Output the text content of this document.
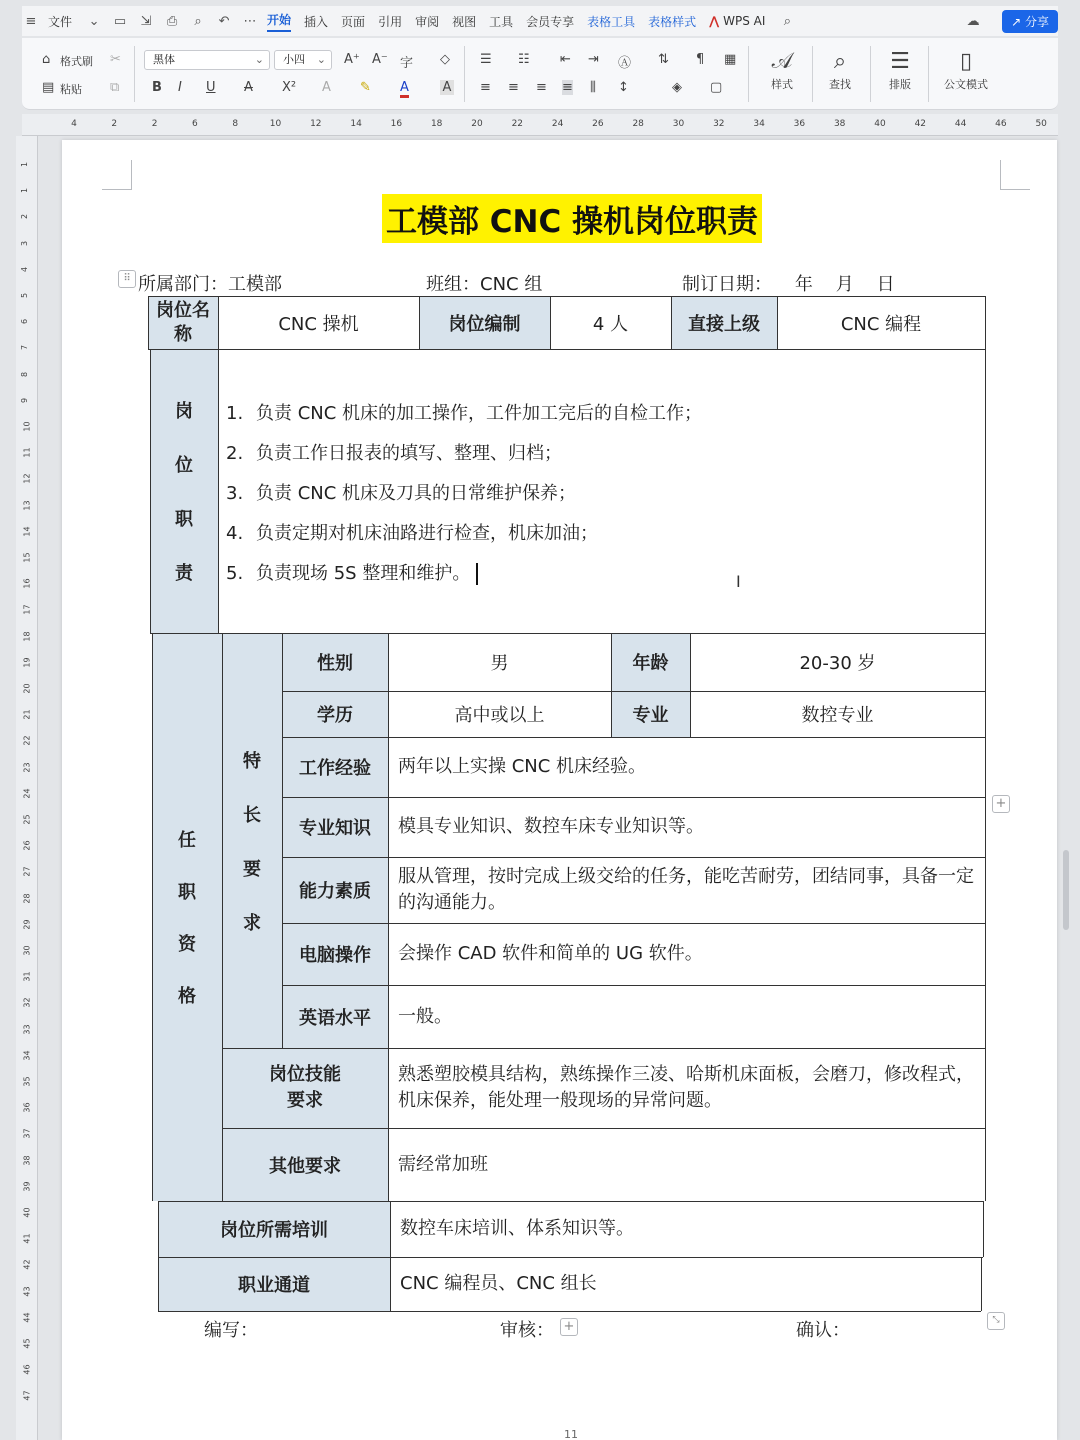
≡ 文件 ⌄ ▭ ⇲ ⎙	⌕	↶ ⋯ 开始 插入 页面 引用 审阅 视图 工具 会员专享 表格工具 表格样式 ⋀ WPS AI	⌕	☁	↗ 分享
⌂ 格式刷 ✂
▤ 粘贴 ⧉
黑体	⌄	小四 ⌄ A⁺ A⁻ 字 ◇
B I U A X² A ✎ A	A
☰ ☷ ⇤ ⇥ Ⓐ ⇅ ¶ ▦
≡ ≡ ≡ ≡ ⫼ ↕	◈ ▢
𝒜
样式
⌕
查找
☰
排版
▯
公文模式
4	2	2	6	8	10	12	14	16	18	20	22	24	26	28	30	32	34	36	38	40	42	44	46	50
1
1
2
3
4
5
6
7
8
9
10
11
12
13
14
15
16
17
18
19
20
21
22
23
24
25
26
27
28
29
30
31
32
33
34
35
36
37
38
39
40
41
42
43
44
45
46
47
工模部 CNC 操机岗位职责
⠿ 所属部门：工模部	班组：CNC 组	制订日期：    年    月    日
岗位名称	CNC 操机	岗位编制	4 人	直接上级	CNC 编程
岗
位
职
责
1. 负责 CNC 机床的加工操作，工件加工完后的自检工作；
2. 负责工作日报表的填写、整理、归档；
3. 负责 CNC 机床及刀具的日常维护保养；
4. 负责定期对机床油路进行检查，机床加油；
5. 负责现场 5S 整理和维护。	I
任
职
资
格
特
长
要
求
性别	男	年龄	20-30 岁
学历	高中或以上	专业	数控专业
工作经验	两年以上实操 CNC 机床经验。
专业知识	模具专业知识、数控车床专业知识等。
能力素质
服从管理，按时完成上级交给的任务，能吃苦耐劳，团结同事，具备一定的沟通能力。
电脑操作	会操作 CAD 软件和简单的 UG 软件。
英语水平	一般。
岗位技能要求
熟悉塑胶模具结构，熟练操作三凌、哈斯机床面板，会磨刀，修改程式，机床保养，能处理一般现场的异常问题。
其他要求	需经常加班
岗位所需培训	数控车床培训、体系知识等。
职业通道	CNC 编程员、CNC 组长
+
编写：	审核： +	确认：	⤡
11
